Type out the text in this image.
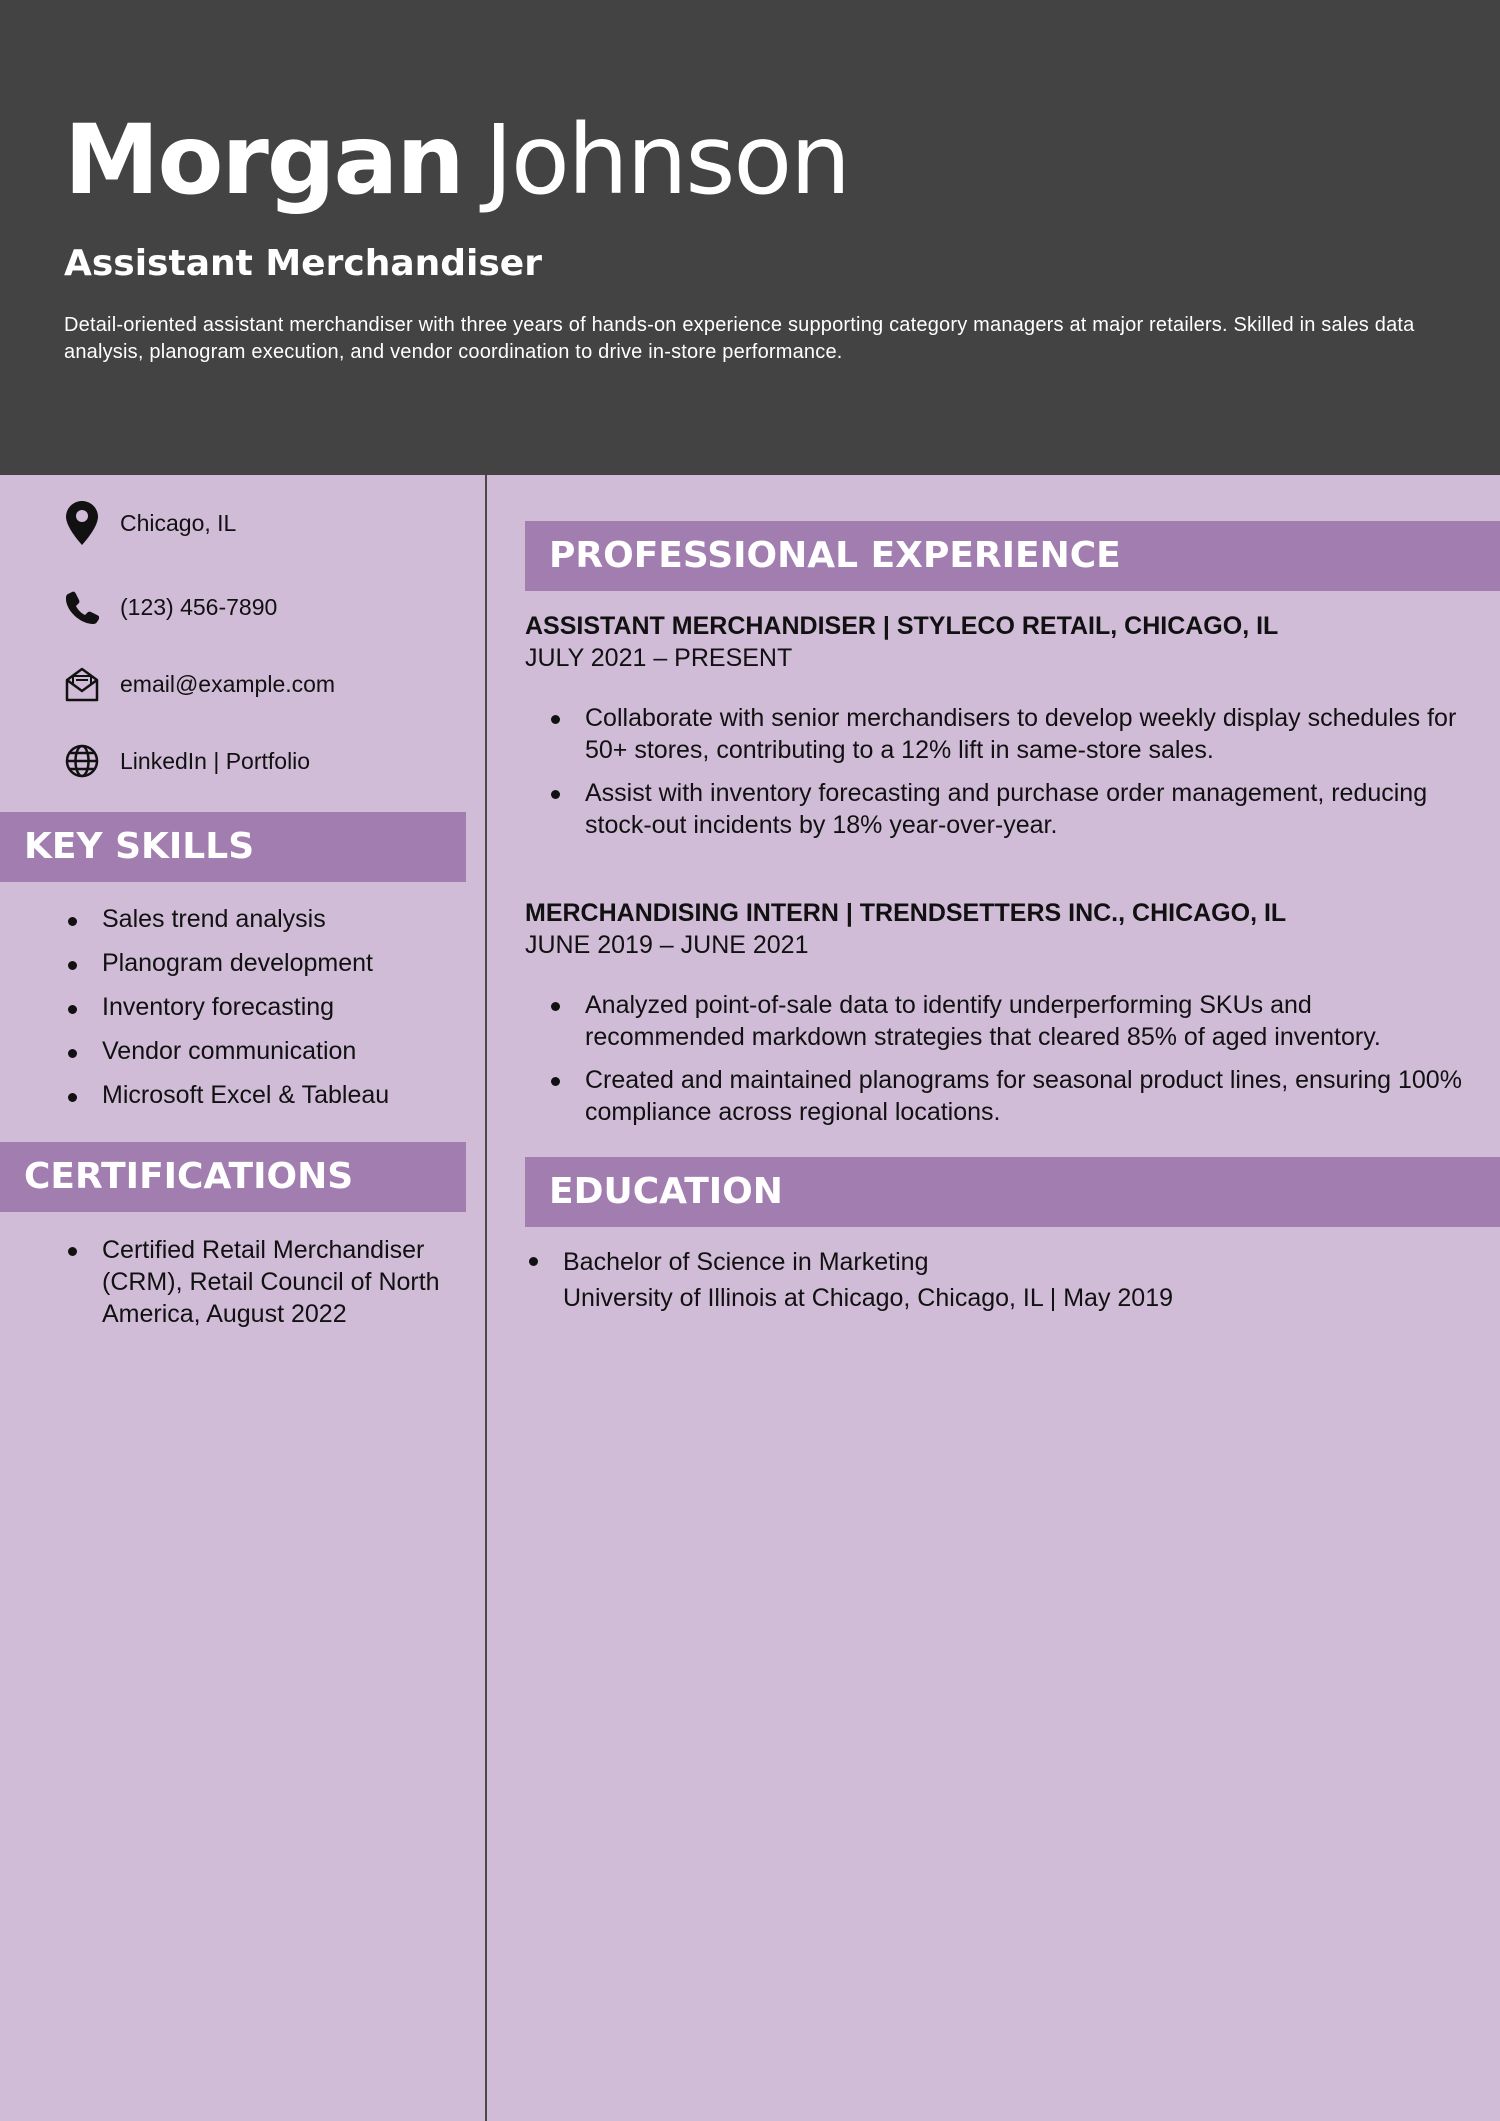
Morgan Johnson
Assistant Merchandiser
Detail-oriented assistant merchandiser with three years of hands-on experience supporting category managers at major retailers. Skilled in sales data analysis, planogram execution, and vendor coordination to drive in-store performance.
Chicago, IL
(123) 456-7890
email@example.com
LinkedIn | Portfolio
KEY SKILLS
Sales trend analysis
Planogram development
Inventory forecasting
Vendor communication
Microsoft Excel & Tableau
CERTIFICATIONS
Certified Retail Merchandiser (CRM), Retail Council of North America, August 2022
PROFESSIONAL EXPERIENCE
ASSISTANT MERCHANDISER | STYLECO RETAIL, CHICAGO, IL
JULY 2021 – PRESENT
Collaborate with senior merchandisers to develop weekly display schedules for 50+ stores, contributing to a 12% lift in same-store sales.
Assist with inventory forecasting and purchase order management, reducing stock-out incidents by 18% year-over-year.
MERCHANDISING INTERN | TRENDSETTERS INC., CHICAGO, IL
JUNE 2019 – JUNE 2021
Analyzed point-of-sale data to identify underperforming SKUs and recommended markdown strategies that cleared 85% of aged inventory.
Created and maintained planograms for seasonal product lines, ensuring 100% compliance across regional locations.
EDUCATION
Bachelor of Science in Marketing
University of Illinois at Chicago, Chicago, IL | May 2019
